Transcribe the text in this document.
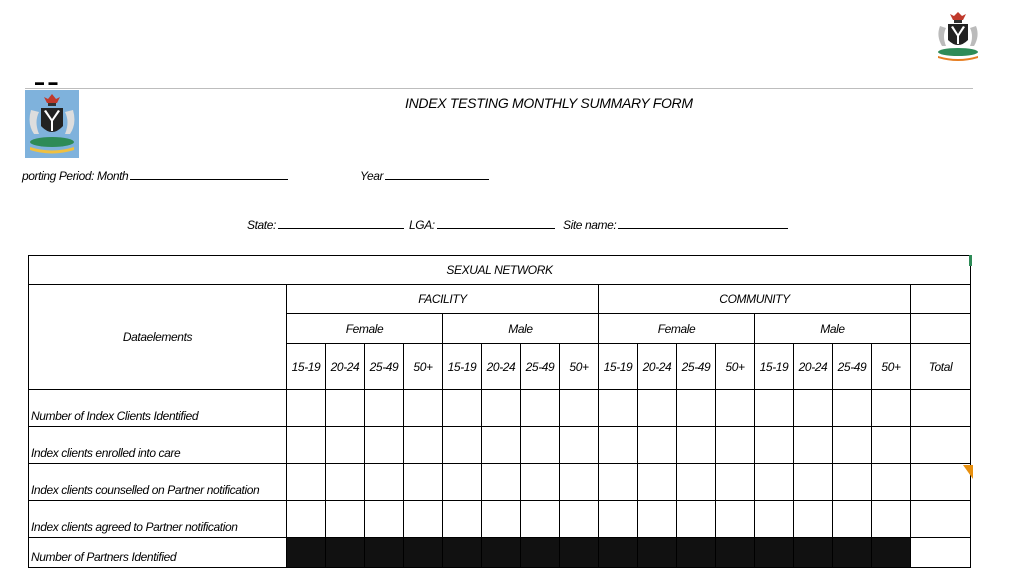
▬ ▬
INDEX TESTING MONTHLY SUMMARY FORM
porting Period: Month	Year
State:	LGA:	Site name:
SEXUAL NETWORK																	
Dataelements	FACILITY								COMMUNITY								
	Female				Male				Female				Male				
	15-19	20-24	25-49	50+	15-19	20-24	25-49	50+	15-19	20-24	25-49	50+	15-19	20-24	25-49	50+	Total
Number of Index Clients Identified																	
Index clients enrolled into care																	
Index clients counselled on Partner notification																	
Index clients agreed to Partner notification																	
Number of Partners Identified																	
